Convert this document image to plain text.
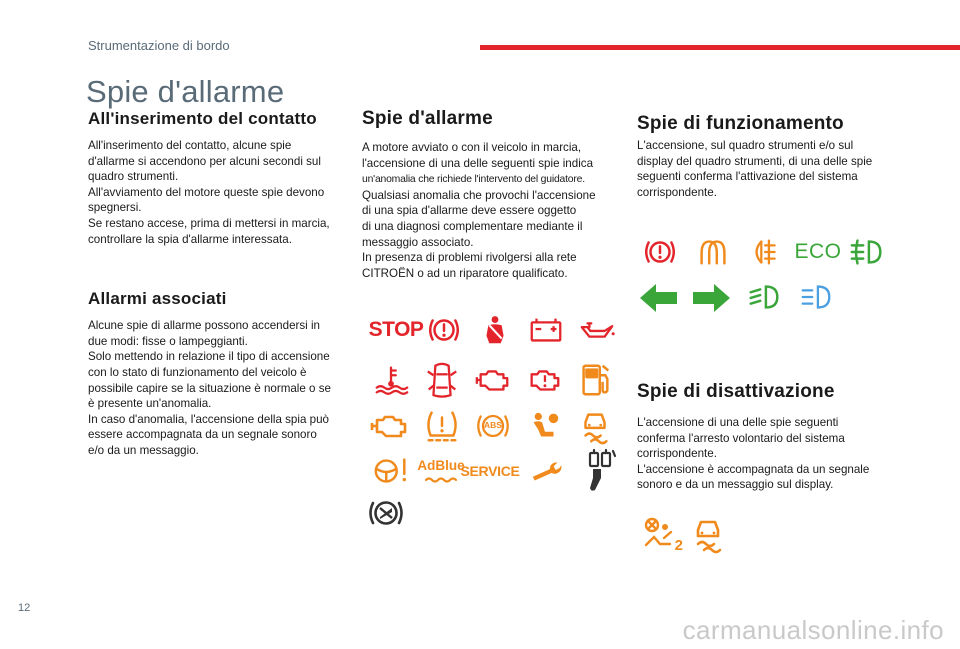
Strumentazione di bordo
Spie d'allarme
All'inserimento del contatto

All'inserimento del contatto, alcune spie
d'allarme si accendono per alcuni secondi sul
quadro strumenti.
All'avviamento del motore queste spie devono
spegnersi.
Se restano accese, prima di mettersi in marcia,
controllare la spia d'allarme interessata.

Allarmi associati

Alcune spie di allarme possono accendersi in
due modi: fisse o lampeggianti.
Solo mettendo in relazione il tipo di accensione
con lo stato di funzionamento del veicolo è
possibile capire se la situazione è normale o se
è presente un'anomalia.
In caso d'anomalia, l'accensione della spia può
essere accompagnata da un segnale sonoro
e/o da un messaggio.

Spie d'allarme

A motore avviato o con il veicolo in marcia,
l'accensione di una delle seguenti spie indica
un'anomalia che richiede l'intervento del guidatore.
Qualsiasi anomalia che provochi l'accensione
di una spia d'allarme deve essere oggetto
di una diagnosi complementare mediante il
messaggio associato.
In presenza di problemi rivolgersi alla rete
CITROËN o ad un riparatore qualificato.

Spie di funzionamento

L'accensione, sul quadro strumenti e/o sul
display del quadro strumenti, di una delle spie
seguenti conferma l'attivazione del sistema
corrispondente.

Spie di disattivazione

L'accensione di una delle spie seguenti
conferma l'arresto volontario del sistema
corrispondente.
L'accensione è accompagnata da un segnale
sonoro e da un messaggio sul display.

STOP
ABS
AdBlue
SERVICE
ECO
2
12
carmanualsonline.info
